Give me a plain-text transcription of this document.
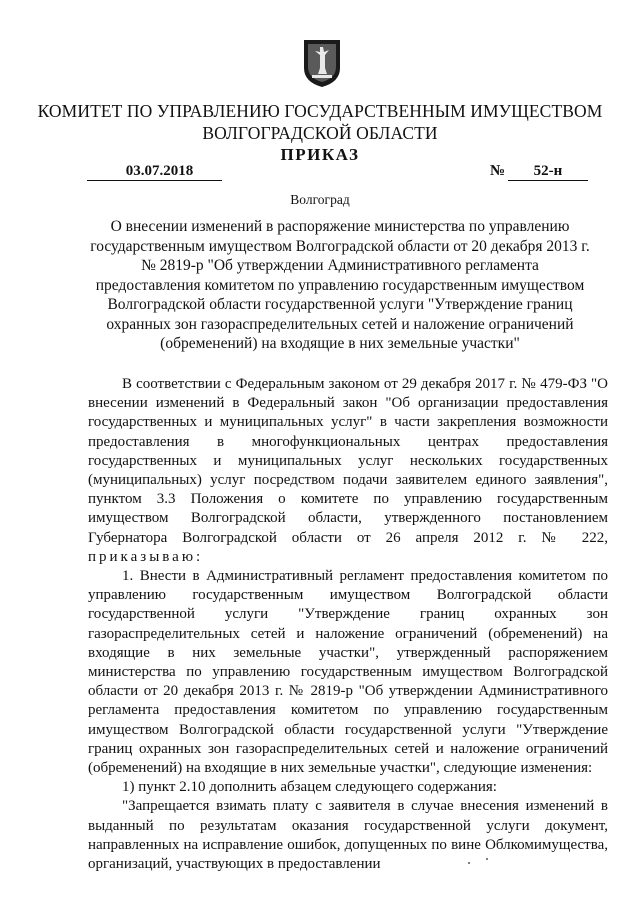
КОМИТЕТ ПО УПРАВЛЕНИЮ ГОСУДАРСТВЕННЫМ ИМУЩЕСТВОМ
ВОЛГОГРАДСКОЙ ОБЛАСТИ
ПРИКАЗ
03.07.2018	№	52-н
Волгоград
О внесении изменений в распоряжение министерства по управлению государственным имуществом Волгоградской области от 20 декабря 2013 г. № 2819-р "Об утверждении Административного регламента предоставления комитетом по управлению государственным имуществом Волгоградской области государственной услуги "Утверждение границ охранных зон газораспределительных сетей и наложение ограничений (обременений) на входящие в них земельные участки"

В соответствии с Федеральным законом от 29 декабря 2017 г. № 479-ФЗ "О внесении изменений в Федеральный закон "Об организации предоставления государственных и муниципальных услуг" в части закрепления возможности предоставления в многофункциональных центрах предоставления государственных и муниципальных услуг нескольких государственных (муниципальных) услуг посредством подачи заявителем единого заявления", пунктом 3.3 Положения о комитете по управлению государственным имуществом Волгоградской области, утвержденного постановлением Губернатора Волгоградской области от 26 апреля 2012 г. № 222, приказываю:

1. Внести в Административный регламент предоставления комитетом по управлению государственным имуществом Волгоградской области государственной услуги "Утверждение границ охранных зон газораспределительных сетей и наложение ограничений (обременений) на входящие в них земельные участки", утвержденный распоряжением министерства по управлению государственным имуществом Волгоградской области от 20 декабря 2013 г. № 2819-р "Об утверждении Административного регламента предоставления комитетом по управлению государственным имуществом Волгоградской области государственной услуги "Утверждение границ охранных зон газораспределительных сетей и наложение ограничений (обременений) на входящие в них земельные участки", следующие изменения:

1) пункт 2.10 дополнить абзацем следующего содержания:

"Запрещается взимать плату с заявителя в случае внесения изменений в выданный по результатам оказания государственной услуги документ, направленных на исправление ошибок, допущенных по вине Облкомимущества, организаций, участвующих в предоставлении
